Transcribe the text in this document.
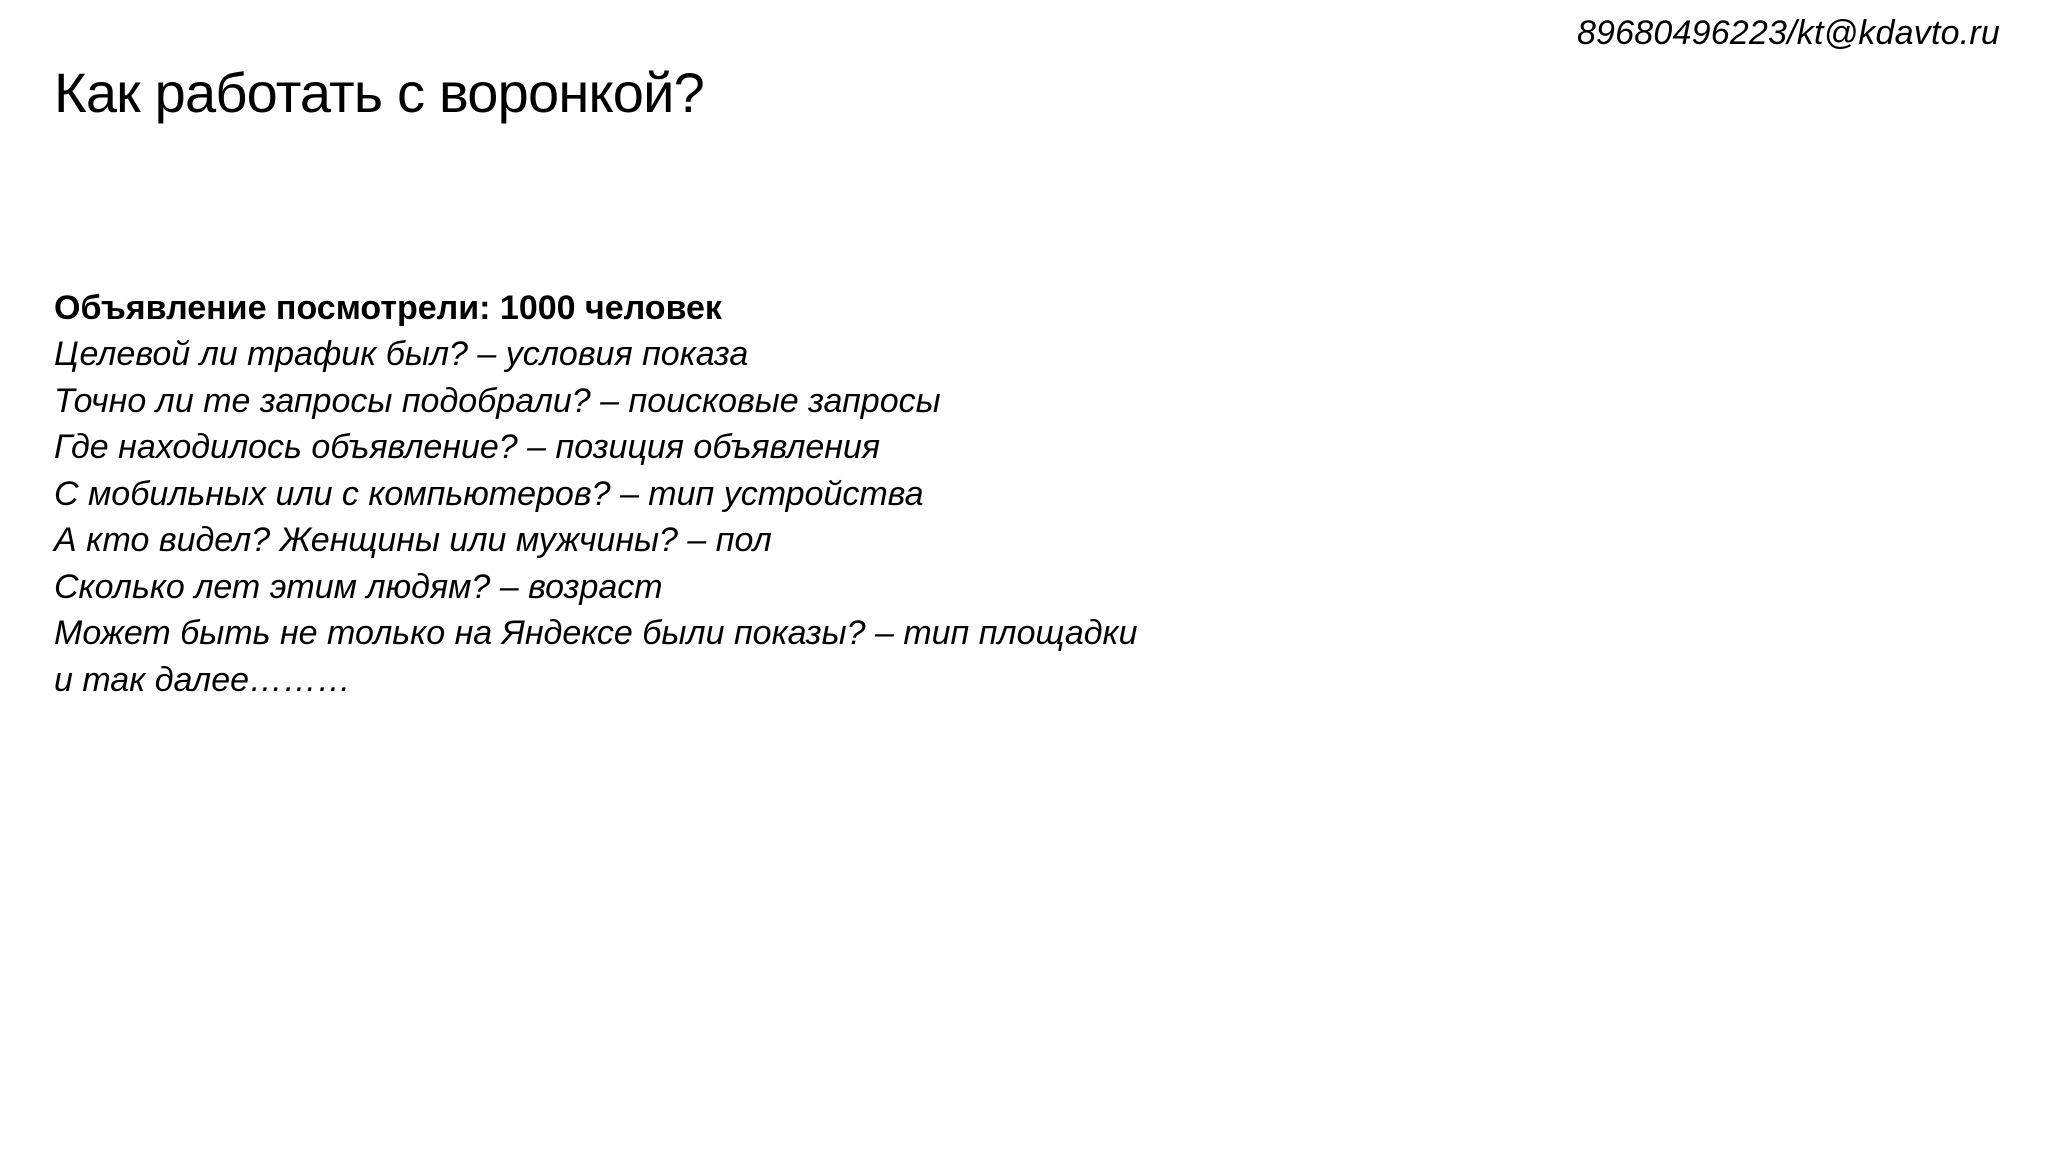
89680496223/kt@kdavto.ru
Как работать с воронкой?
Объявление посмотрели: 1000 человек
Целевой ли трафик был? – условия показа
Точно ли те запросы подобрали? – поисковые запросы
Где находилось объявление? – позиция объявления
С мобильных или с компьютеров? – тип устройства
А кто видел? Женщины или мужчины? – пол
Сколько лет этим людям? – возраст
Может быть не только на Яндексе были показы? – тип площадки
и так далее………
